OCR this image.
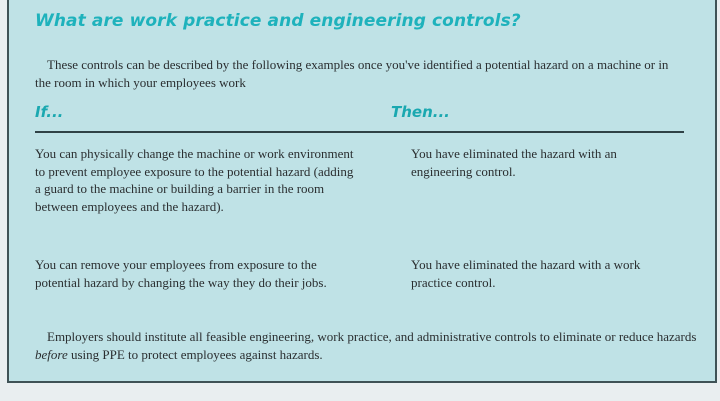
What are work practice and engineering controls?

These controls can be described by the following examples once you've identified a potential hazard on a machine or in the room in which your employees work

If...	Then...

You can physically change the machine or work environment to prevent employee exposure to the potential hazard (adding a guard to the machine or building a barrier in the room between employees and the hazard).

You have eliminated the hazard with an engineering control.

You can remove your employees from exposure to the potential hazard by changing the way they do their jobs.

You have eliminated the hazard with a work practice control.

Employers should institute all feasible engineering, work practice, and administrative controls to eliminate or reduce hazards before using PPE to protect employees against hazards.
